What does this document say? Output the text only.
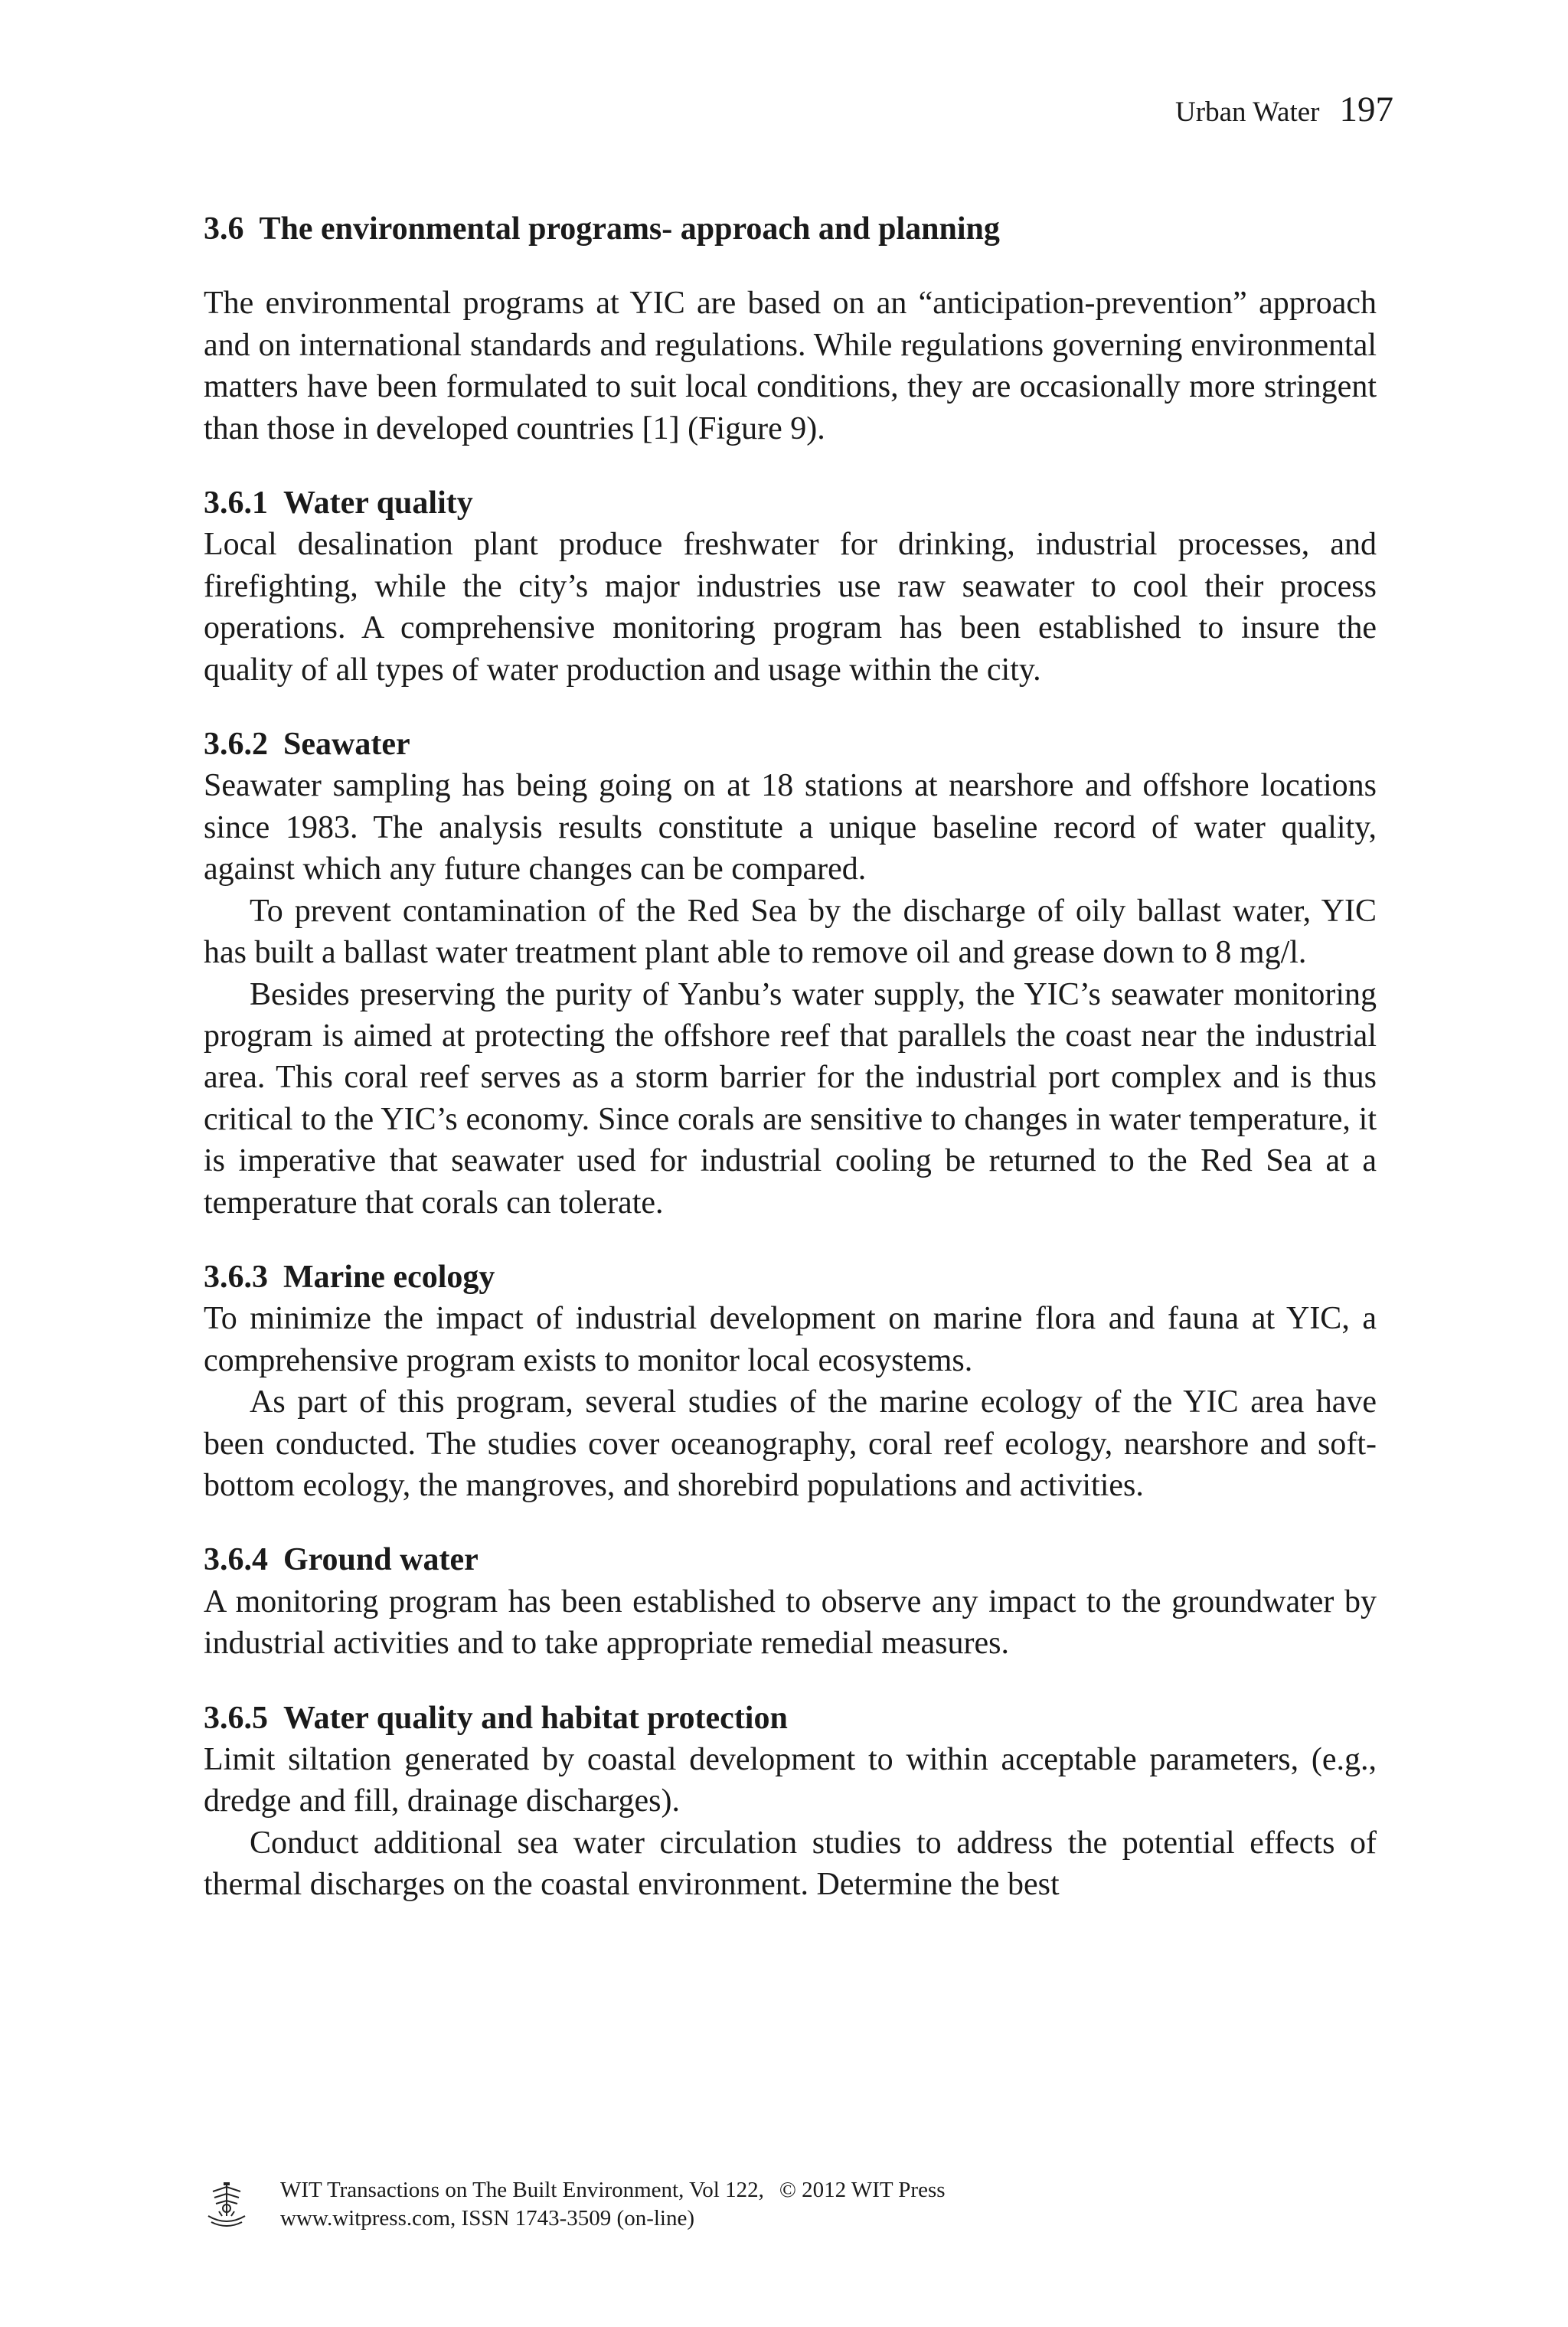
Urban Water 197
3.6 The environmental programs- approach and planning

The environmental programs at YIC are based on an “anticipation-prevention” approach and on international standards and regulations. While regulations governing environmental matters have been formulated to suit local conditions, they are occasionally more stringent than those in developed countries [1] (Figure 9).

3.6.1 Water quality

Local desalination plant produce freshwater for drinking, industrial processes, and firefighting, while the city’s major industries use raw seawater to cool their process operations. A comprehensive monitoring program has been established to insure the quality of all types of water production and usage within the city.

3.6.2 Seawater

Seawater sampling has being going on at 18 stations at nearshore and offshore locations since 1983. The analysis results constitute a unique baseline record of water quality, against which any future changes can be compared.

To prevent contamination of the Red Sea by the discharge of oily ballast water, YIC has built a ballast water treatment plant able to remove oil and grease down to 8 mg/l.

Besides preserving the purity of Yanbu’s water supply, the YIC’s seawater monitoring program is aimed at protecting the offshore reef that parallels the coast near the industrial area. This coral reef serves as a storm barrier for the industrial port complex and is thus critical to the YIC’s economy. Since corals are sensitive to changes in water temperature, it is imperative that seawater used for industrial cooling be returned to the Red Sea at a temperature that corals can tolerate.

3.6.3 Marine ecology

To minimize the impact of industrial development on marine flora and fauna at YIC, a comprehensive program exists to monitor local ecosystems.

As part of this program, several studies of the marine ecology of the YIC area have been conducted. The studies cover oceanography, coral reef ecology, nearshore and soft-bottom ecology, the mangroves, and shorebird populations and activities.

3.6.4 Ground water

A monitoring program has been established to observe any impact to the groundwater by industrial activities and to take appropriate remedial measures.

3.6.5 Water quality and habitat protection

Limit siltation generated by coastal development to within acceptable parameters, (e.g., dredge and fill, drainage discharges).

Conduct additional sea water circulation studies to address the potential effects of thermal discharges on the coastal environment. Determine the best

WIT Transactions on The Built Environment, Vol 122, © 2012 WIT Press
www.witpress.com, ISSN 1743-3509 (on-line)
